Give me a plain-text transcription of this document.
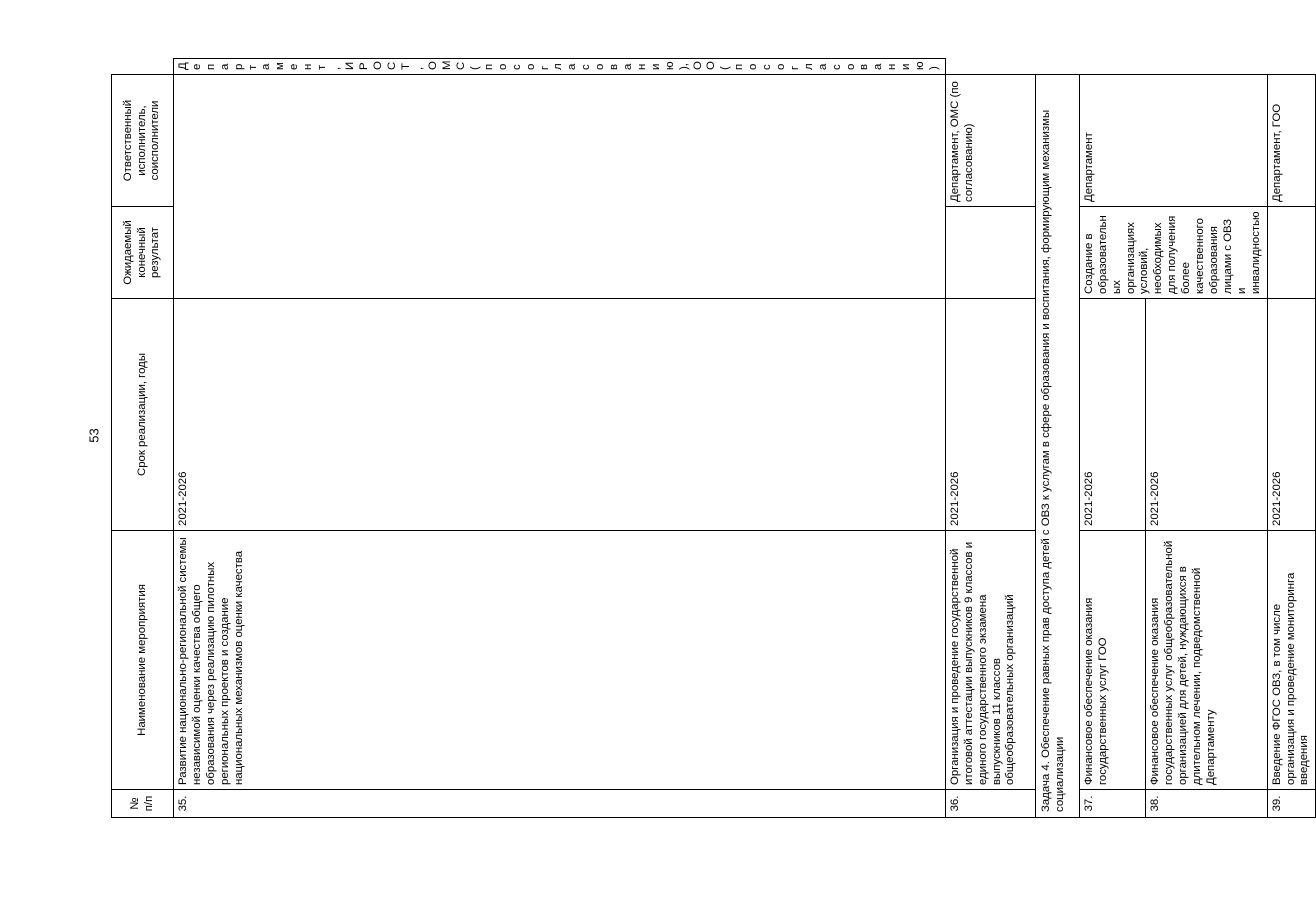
53
№ п/п	Наименование мероприятия	Срок реализации, годы	Ожидаемый конечный результат	Ответственный исполнитель, соисполнители	
35.	Развитие национально-региональной системы независимой оценки качества общего образования через реализацию пилотных региональных проектов и создание национальных механизмов оценки качества	2021-2026			Департамент, ИРОСТ, ОМС (по согласованию), ОО (по согласованию)
36.	Организация и проведение государственной итоговой аттестации выпускников 9 классов и единого государственного экзамена выпускников 11 классов общеобразовательных организаций	2021-2026		Департамент, ОМС (по согласованию)	
Задача 4. Обеспечение равных прав доступа детей с ОВЗ к услугам в сфере образования и воспитания, формирующим механизмы социализации					
37.	Финансовое обеспечение оказания государственных услуг ГОО	2021-2026	Создание в образовательных организациях условий, необходимых для получения более качественного образования лицами с ОВЗ и инвалидностью	Департамент	
38.	Финансовое обеспечение оказания государственных услуг общеобразовательной организацией для детей, нуждающихся в длительном лечении, подведомственной Департаменту	2021-2026			
39.	Введение ФГОС ОВЗ, в том числе организация и проведение мониторинга введения	2021-2026		Департамент, ГОО	
